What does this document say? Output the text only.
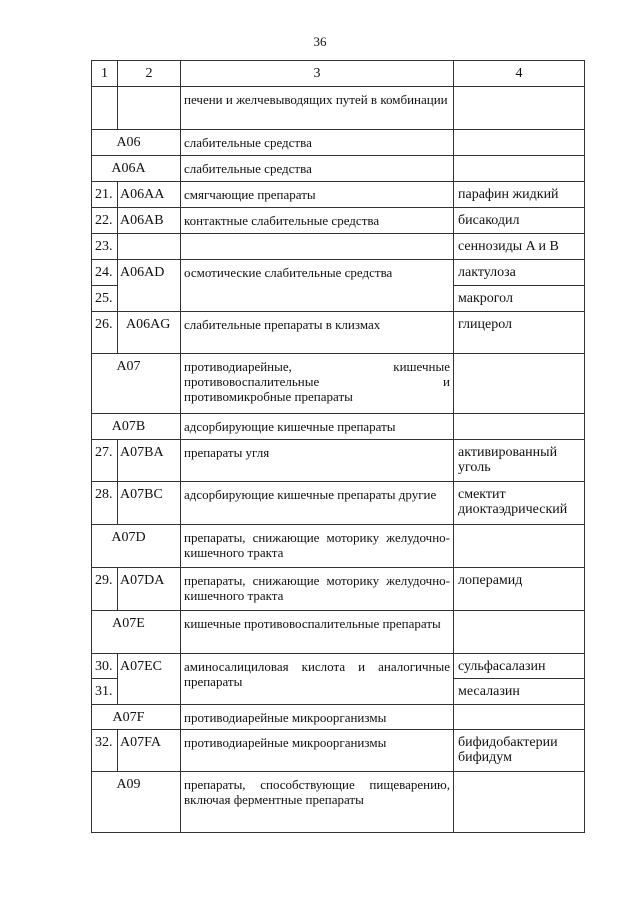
36
1	2	3	4
		печени и желчевыводящих путей в комбинации	
A06		слабительные средства	
A06A		слабительные средства	
21.	A06AA	смягчающие препараты	парафин жидкий
22.	A06AB	контактные слабительные средства	бисакодил
23.			сеннозиды A и B
24.	A06AD	осмотические слабительные средства	лактулоза
25.			макрогол
26.	A06AG	слабительные препараты в клизмах	глицерол
A07		противодиарейные, кишечные
противовоспалительные и
противомикробные препараты	

A07B		адсорбирующие кишечные препараты	
27.	A07BA	препараты угля	активированный уголь
28.	A07BC	адсорбирующие кишечные препараты другие	смектит диоктаэдрический
A07D		препараты, снижающие моторику желудочно-кишечного тракта	
29.	A07DA	препараты, снижающие моторику желудочно-кишечного тракта	лоперамид
A07E		кишечные противовоспалительные препараты	
30.	A07EC	аминосалициловая кислота и аналогичные препараты	сульфасалазин
31.			месалазин
A07F		противодиарейные микроорганизмы	
32.	A07FA	противодиарейные микроорганизмы	бифидобактерии бифидум
A09		препараты, способствующие пищеварению, включая ферментные препараты	
